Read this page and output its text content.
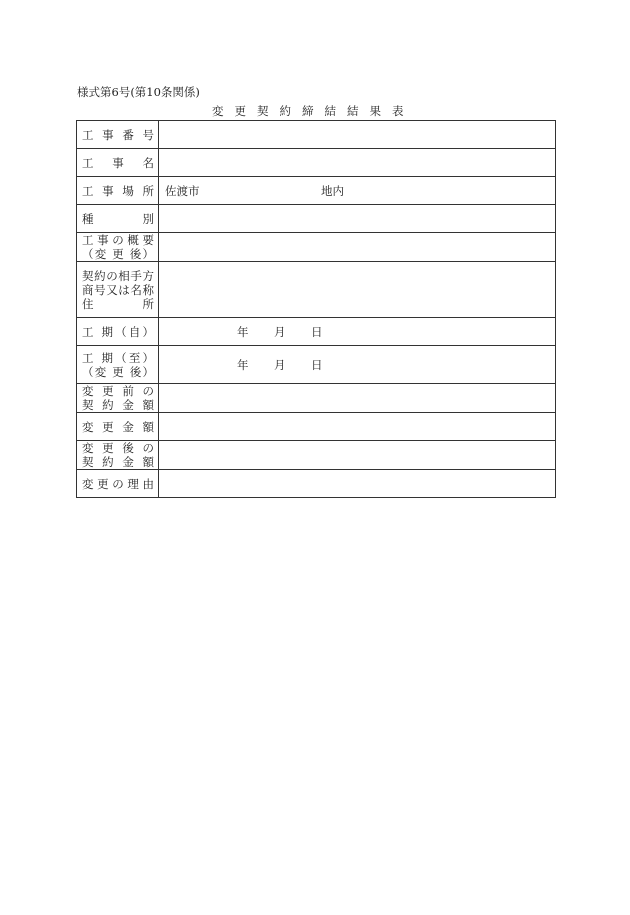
様式第6号(第10条関係)
変更契約締結結果表
工 事 番 号	

工　事　名	

工 事 場 所	佐渡市 地内

種　　別	

工事の概要
（変 更 後）	

契約の相手方
商号又は名称
住　　所	

工 期（自）	年 月 日

工 期（至）
（変 更 後）	年 月 日

変 更 前 の
契 約 金 額	

変 更 金 額	

変 更 後 の
契 約 金 額	

変更の理由	
